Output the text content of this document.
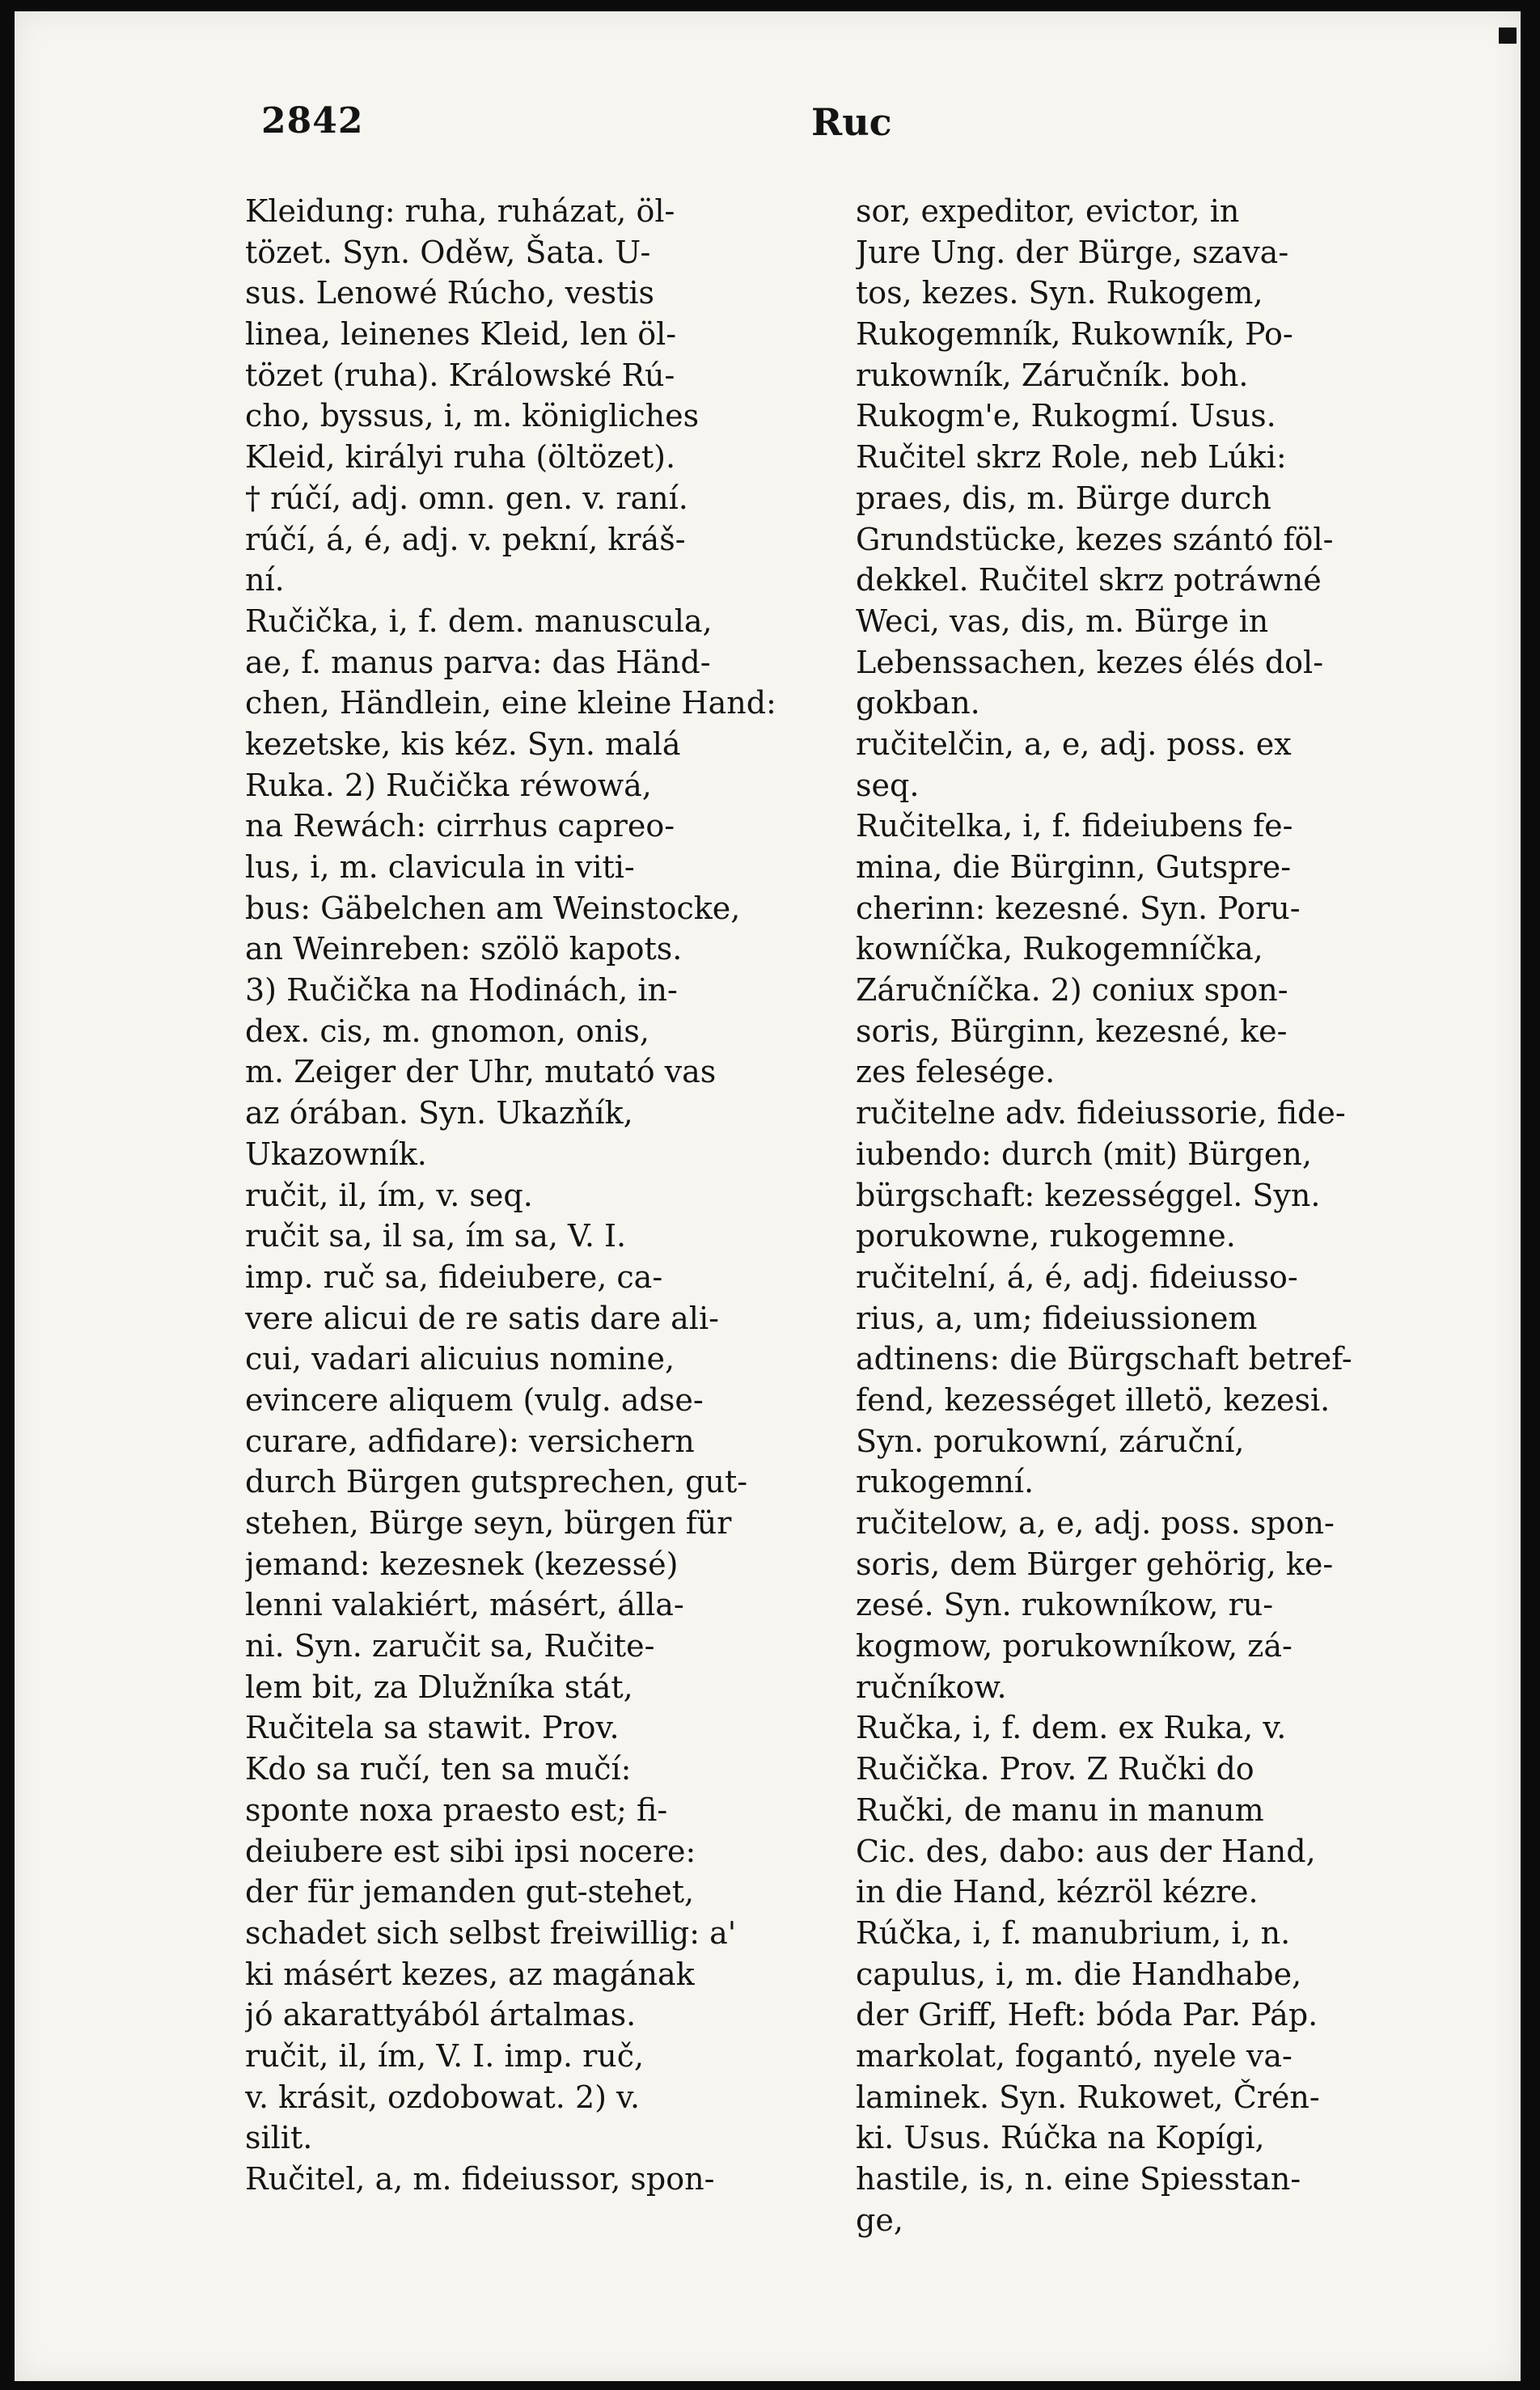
2842	Ruc
Kleidung: ruha, ruházat, öl-
tözet. Syn. Oděw, Šata. U-
sus. Lenowé Rúcho, vestis
linea, leinenes Kleid, len öl-
tözet (ruha). Králowské Rú-
cho, byssus, i, m. königliches
Kleid, királyi ruha (öltözet).
† rúčí, adj. omn. gen. v. raní.
rúčí, á, é, adj. v. pekní, kráš-
ní.
Ručička, i, f. dem. manuscula,
ae, f. manus parva: das Händ-
chen, Händlein, eine kleine Hand:
kezetske, kis kéz. Syn. malá
Ruka. 2) Ručička réwowá,
na Rewách: cirrhus capreo-
lus, i, m. clavicula in viti-
bus: Gäbelchen am Weinstocke,
an Weinreben: szölö kapots.
3) Ručička na Hodinách, in-
dex. cis, m. gnomon, onis,
m. Zeiger der Uhr, mutató vas
az órában. Syn. Ukazňík,
Ukazowník.
ručit, il, ím, v. seq.
ručit sa, il sa, ím sa, V. I.
imp. ruč sa, fideiubere, ca-
vere alicui de re satis dare ali-
cui, vadari alicuius nomine,
evincere aliquem (vulg. adse-
curare, adfidare): versichern
durch Bürgen gutsprechen, gut-
stehen, Bürge seyn, bürgen für
jemand: kezesnek (kezessé)
lenni valakiért, másért, álla-
ni. Syn. zaručit sa, Ručite-
lem bit, za Dlužníka stát,
Ručitela sa stawit. Prov.
Kdo sa ručí, ten sa mučí:
sponte noxa praesto est; fi-
deiubere est sibi ipsi nocere:
der für jemanden gut-stehet,
schadet sich selbst freiwillig: a'
ki másért kezes, az magának
jó akarattyából ártalmas.
ručit, il, ím, V. I. imp. ruč,
v. krásit, ozdobowat. 2) v.
silit.
Ručitel, a, m. fideiussor, spon-
sor, expeditor, evictor, in
Jure Ung. der Bürge, szava-
tos, kezes. Syn. Rukogem,
Rukogemník, Rukowník, Po-
rukowník, Záručník. boh.
Rukogm'e, Rukogmí. Usus.
Ručitel skrz Role, neb Lúki:
praes, dis, m. Bürge durch
Grundstücke, kezes szántó föl-
dekkel. Ručitel skrz potráwné
Weci, vas, dis, m. Bürge in
Lebenssachen, kezes élés dol-
gokban.
ručitelčin, a, e, adj. poss. ex
seq.
Ručitelka, i, f. fideiubens fe-
mina, die Bürginn, Gutspre-
cherinn: kezesné. Syn. Poru-
kowníčka, Rukogemníčka,
Záručníčka. 2) coniux spon-
soris, Bürginn, kezesné, ke-
zes felesége.
ručitelne adv. fideiussorie, fide-
iubendo: durch (mit) Bürgen,
bürgschaft: kezességgel. Syn.
porukowne, rukogemne.
ručitelní, á, é, adj. fideiusso-
rius, a, um; fideiussionem
adtinens: die Bürgschaft betref-
fend, kezességet illetö, kezesi.
Syn. porukowní, záruční,
rukogemní.
ručitelow, a, e, adj. poss. spon-
soris, dem Bürger gehörig, ke-
zesé. Syn. rukowníkow, ru-
kogmow, porukowníkow, zá-
ručníkow.
Ručka, i, f. dem. ex Ruka, v.
Ručička. Prov. Z Ručki do
Ručki, de manu in manum
Cic. des, dabo: aus der Hand,
in die Hand, kézröl kézre.
Rúčka, i, f. manubrium, i, n.
capulus, i, m. die Handhabe,
der Griff, Heft: bóda Par. Páp.
markolat, fogantó, nyele va-
laminek. Syn. Rukowet, Črén-
ki. Usus. Rúčka na Kopígi,
hastile, is, n. eine Spiesstan-
ge,
